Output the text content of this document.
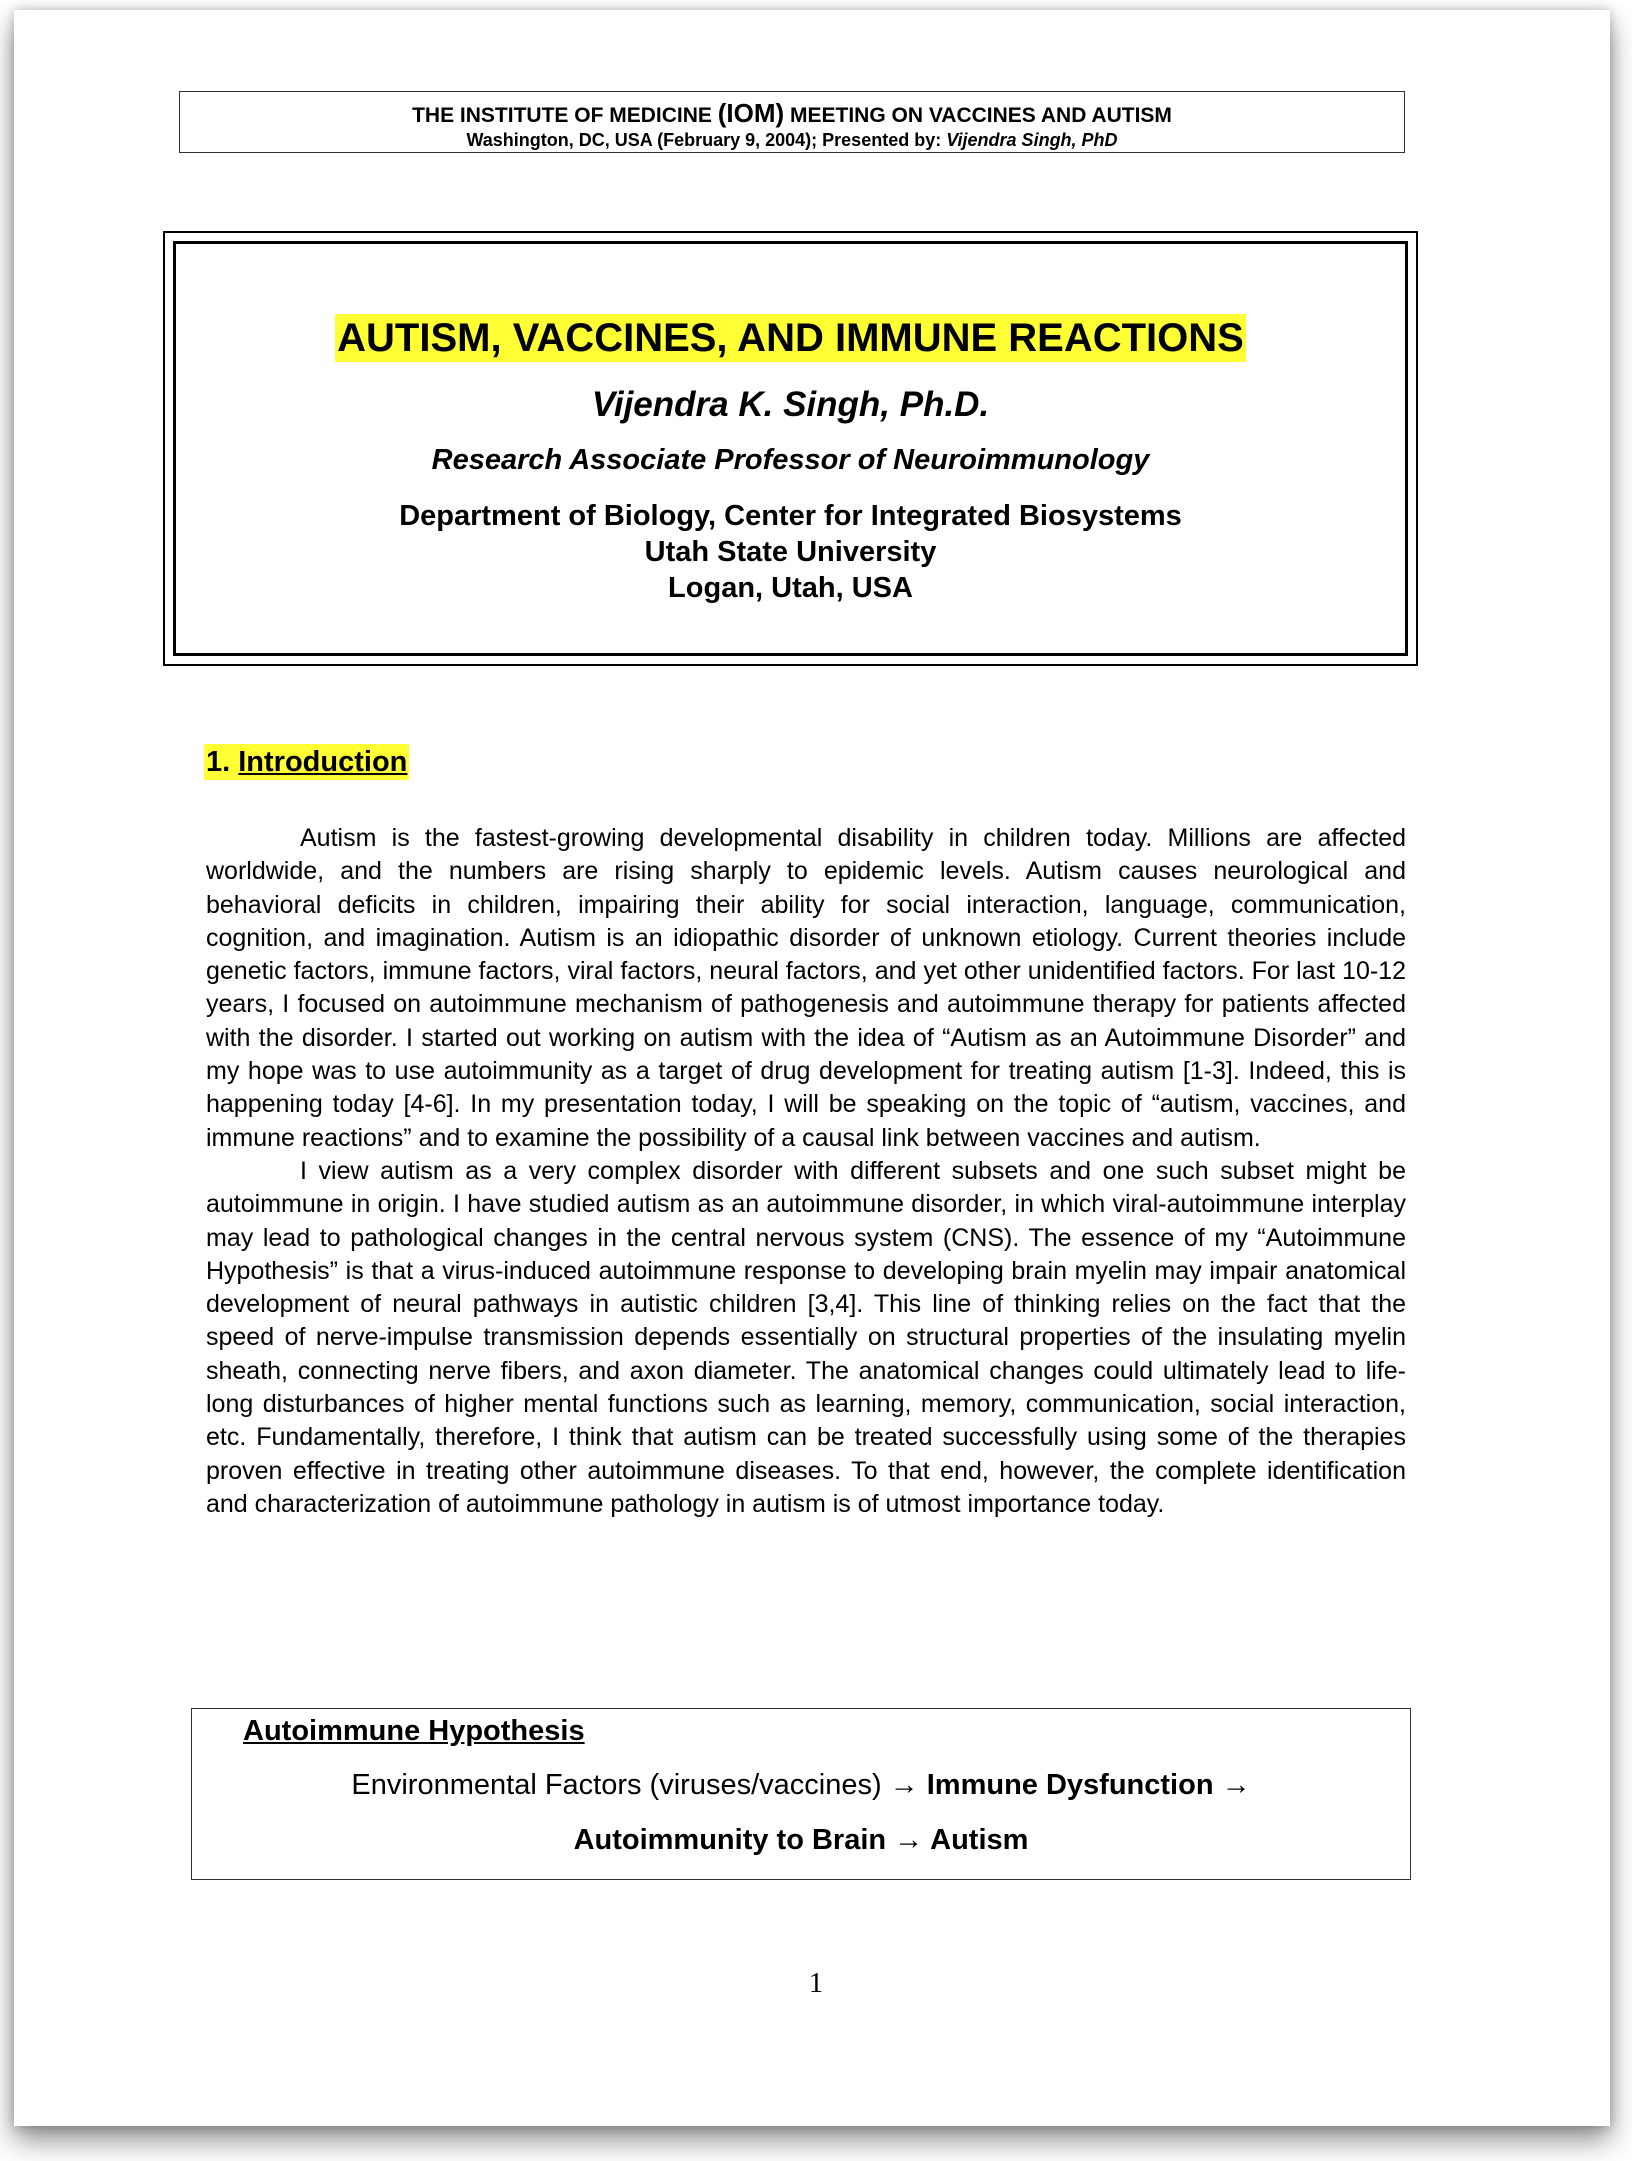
THE INSTITUTE OF MEDICINE (IOM) MEETING ON VACCINES AND AUTISM
Washington, DC, USA (February 9, 2004); Presented by: Vijendra Singh, PhD
AUTISM, VACCINES, AND IMMUNE REACTIONS
Vijendra K. Singh, Ph.D.
Research Associate Professor of Neuroimmunology
Department of Biology, Center for Integrated Biosystems
Utah State University
Logan, Utah, USA
1. Introduction

Autism is the fastest-growing developmental disability in children today. Millions are affected worldwide, and the numbers are rising sharply to epidemic levels. Autism causes neurological and behavioral deficits in children, impairing their ability for social interaction, language, communication, cognition, and imagination. Autism is an idiopathic disorder of unknown etiology. Current theories include genetic factors, immune factors, viral factors, neural factors, and yet other unidentified factors. For last 10-12 years, I focused on autoimmune mechanism of pathogenesis and autoimmune therapy for patients affected with the disorder. I started out working on autism with the idea of “Autism as an Autoimmune Disorder” and my hope was to use autoimmunity as a target of drug development for treating autism [1-3]. Indeed, this is happening today [4-6]. In my presentation today, I will be speaking on the topic of “autism, vaccines, and immune reactions” and to examine the possibility of a causal link between vaccines and autism.

I view autism as a very complex disorder with different subsets and one such subset might be autoimmune in origin. I have studied autism as an autoimmune disorder, in which viral-autoimmune interplay may lead to pathological changes in the central nervous system (CNS). The essence of my “Autoimmune Hypothesis” is that a virus-induced autoimmune response to developing brain myelin may impair anatomical development of neural pathways in autistic children [3,4]. This line of thinking relies on the fact that the speed of nerve-impulse transmission depends essentially on structural properties of the insulating myelin sheath, connecting nerve fibers, and axon diameter. The anatomical changes could ultimately lead to life-long disturbances of higher mental functions such as learning, memory, communication, social interaction, etc. Fundamentally, therefore, I think that autism can be treated successfully using some of the therapies proven effective in treating other autoimmune diseases. To that end, however, the complete identification and characterization of autoimmune pathology in autism is of utmost importance today.

Autoimmune Hypothesis
Environmental Factors (viruses/vaccines) → Immune Dysfunction →
Autoimmunity to Brain → Autism
1
